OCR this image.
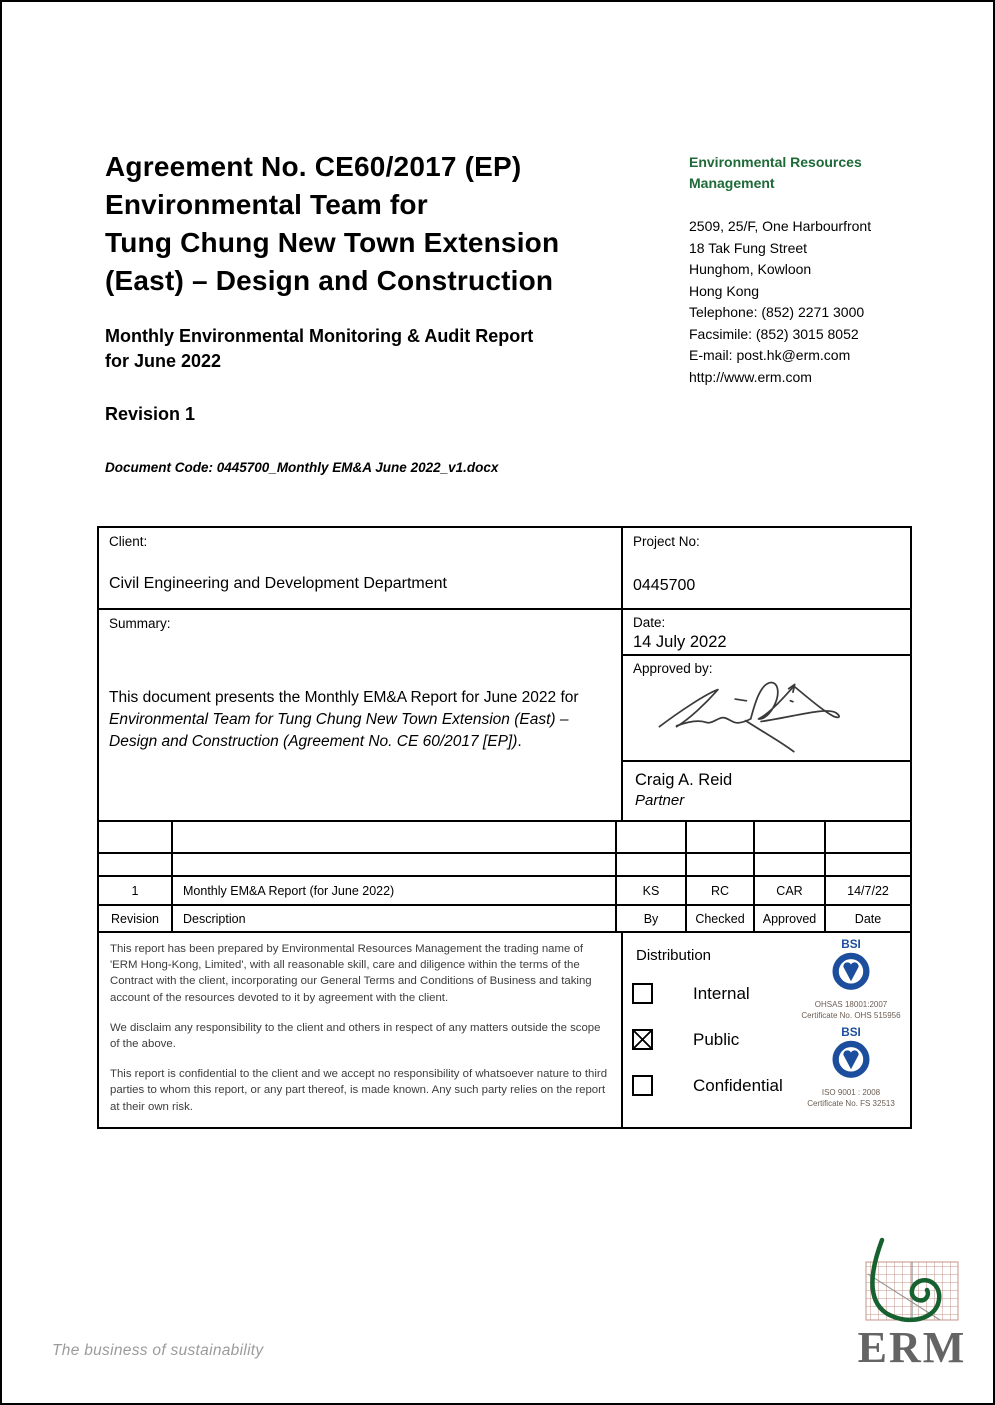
Agreement No. CE60/2017 (EP)
Environmental Team for
Tung Chung New Town Extension
(East) – Design and Construction
Monthly Environmental Monitoring & Audit Report
for June 2022
Revision 1
Document Code: 0445700_Monthly EM&A June 2022_v1.docx
Environmental Resources
Management
2509, 25/F, One Harbourfront
18 Tak Fung Street
Hunghom, Kowloon
Hong Kong
Telephone: (852) 2271 3000
Facsimile: (852) 3015 8052
E-mail: post.hk@erm.com
http://www.erm.com
Client:
Civil Engineering and Development Department
Project No:
0445700
Summary:
This document presents the Monthly EM&A Report for June 2022 for Environmental Team for Tung Chung New Town Extension (East) – Design and Construction (Agreement No. CE 60/2017 [EP]).
Date:
14 July 2022
Approved by:
Craig A. Reid
Partner
1	Monthly EM&A Report (for June 2022)	KS	RC	CAR	14/7/22
Revision	Description	By	Checked	Approved	Date

This report has been prepared by Environmental Resources Management the trading name of 'ERM Hong-Kong, Limited', with all reasonable skill, care and diligence within the terms of the Contract with the client, incorporating our General Terms and Conditions of Business and taking account of the resources devoted to it by agreement with the client.

We disclaim any responsibility to the client and others in respect of any matters outside the scope of the above.

This report is confidential to the client and we accept no responsibility of whatsoever nature to third parties to whom this report, or any part thereof, is made known. Any such party relies on the report at their own risk.

Distribution
Internal
Public
Confidential
BSI
OHSAS 18001:2007
Certificate No. OHS 515956
BSI
ISO 9001 : 2008
Certificate No. FS 32513
The business of sustainability	ERM
